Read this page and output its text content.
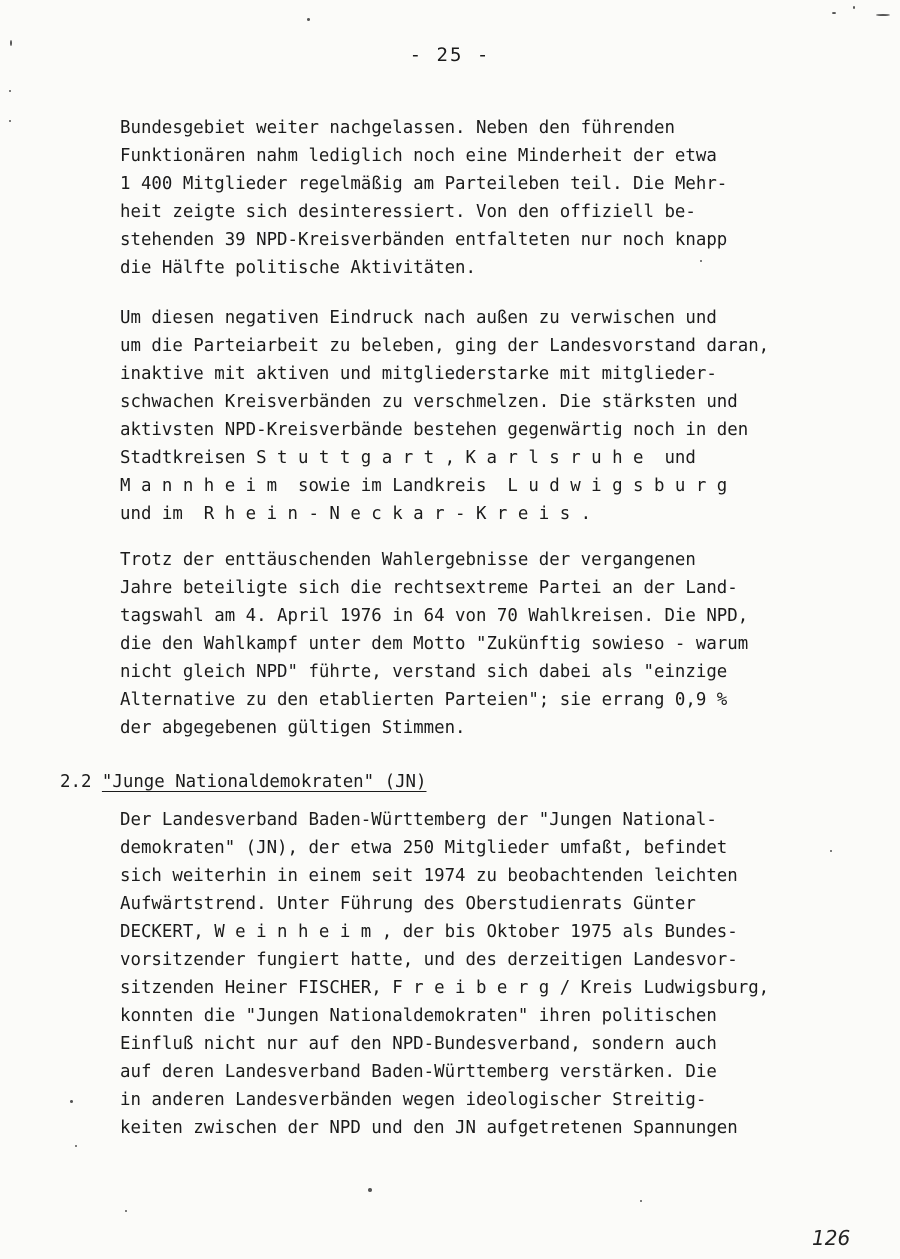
- 25 -
Bundesgebiet weiter nachgelassen. Neben den führenden
Funktionären nahm lediglich noch eine Minderheit der etwa
1 400 Mitglieder regelmäßig am Parteileben teil. Die Mehr-
heit zeigte sich desinteressiert. Von den offiziell be-
stehenden 39 NPD-Kreisverbänden entfalteten nur noch knapp
die Hälfte politische Aktivitäten.
Um diesen negativen Eindruck nach außen zu verwischen und
um die Parteiarbeit zu beleben, ging der Landesvorstand daran,
inaktive mit aktiven und mitgliederstarke mit mitglieder-
schwachen Kreisverbänden zu verschmelzen. Die stärksten und
aktivsten NPD-Kreisverbände bestehen gegenwärtig noch in den
Stadtkreisen S t u t t g a r t , K a r l s r u h e  und
M a n n h e i m  sowie im Landkreis  L u d w i g s b u r g
und im  R h e i n - N e c k a r - K r e i s .
Trotz der enttäuschenden Wahlergebnisse der vergangenen
Jahre beteiligte sich die rechtsextreme Partei an der Land-
tagswahl am 4. April 1976 in 64 von 70 Wahlkreisen. Die NPD,
die den Wahlkampf unter dem Motto "Zukünftig sowieso - warum
nicht gleich NPD" führte, verstand sich dabei als "einzige
Alternative zu den etablierten Parteien"; sie errang 0,9 %
der abgegebenen gültigen Stimmen.
2.2 "Junge Nationaldemokraten" (JN)
Der Landesverband Baden-Württemberg der "Jungen National-
demokraten" (JN), der etwa 250 Mitglieder umfaßt, befindet
sich weiterhin in einem seit 1974 zu beobachtenden leichten
Aufwärtstrend. Unter Führung des Oberstudienrats Günter
DECKERT, W e i n h e i m , der bis Oktober 1975 als Bundes-
vorsitzender fungiert hatte, und des derzeitigen Landesvor-
sitzenden Heiner FISCHER, F r e i b e r g / Kreis Ludwigsburg,
konnten die "Jungen Nationaldemokraten" ihren politischen
Einfluß nicht nur auf den NPD-Bundesverband, sondern auch
auf deren Landesverband Baden-Württemberg verstärken. Die
in anderen Landesverbänden wegen ideologischer Streitig-
keiten zwischen der NPD und den JN aufgetretenen Spannungen
126
